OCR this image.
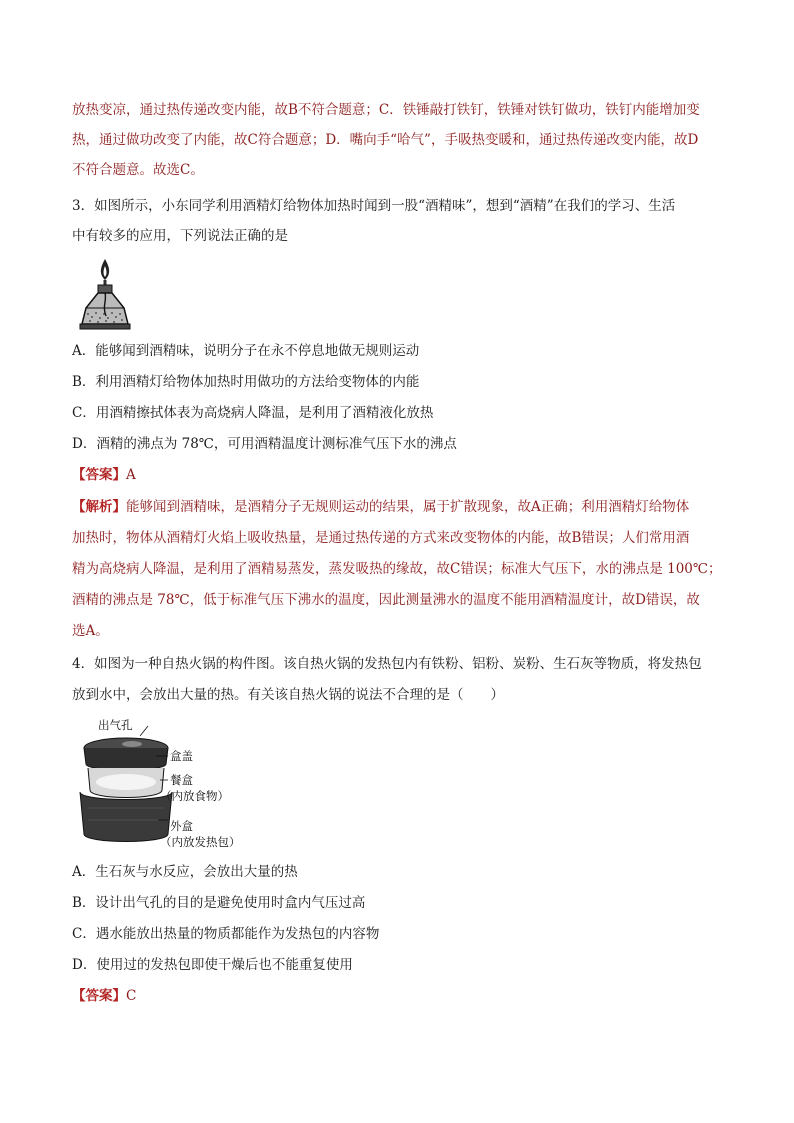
放热变凉，通过热传递改变内能，故B不符合题意；C．铁锤敲打铁钉，铁锤对铁钉做功，铁钉内能增加变
热，通过做功改变了内能，故C符合题意；D．嘴向手“哈气”，手吸热变暖和，通过热传递改变内能，故D
不符合题意。故选C。
3．如图所示，小东同学利用酒精灯给物体加热时闻到一股“酒精味”，想到“酒精”在我们的学习、生活
中有较多的应用，下列说法正确的是
A．能够闻到酒精味，说明分子在永不停息地做无规则运动
B．利用酒精灯给物体加热时用做功的方法给变物体的内能
C．用酒精擦拭体表为高烧病人降温，是利用了酒精液化放热
D．酒精的沸点为 78℃，可用酒精温度计测标准气压下水的沸点
【答案】A
【解析】能够闻到酒精味，是酒精分子无规则运动的结果，属于扩散现象，故A正确；利用酒精灯给物体
加热时，物体从酒精灯火焰上吸收热量，是通过热传递的方式来改变物体的内能，故B错误；人们常用酒
精为高烧病人降温，是利用了酒精易蒸发，蒸发吸热的缘故，故C错误；标准大气压下，水的沸点是 100℃；
酒精的沸点是 78℃，低于标准气压下沸水的温度，因此测量沸水的温度不能用酒精温度计，故D错误，故
选A。
4．如图为一种自热火锅的构件图。该自热火锅的发热包内有铁粉、铝粉、炭粉、生石灰等物质，将发热包
放到水中，会放出大量的热。有关该自热火锅的说法不合理的是（　　）
出气孔
盒盖
餐盒
（内放食物）
外盒
（内放发热包）
A．生石灰与水反应，会放出大量的热
B．设计出气孔的目的是避免使用时盒内气压过高
C．遇水能放出热量的物质都能作为发热包的内容物
D．使用过的发热包即使干燥后也不能重复使用
【答案】C
